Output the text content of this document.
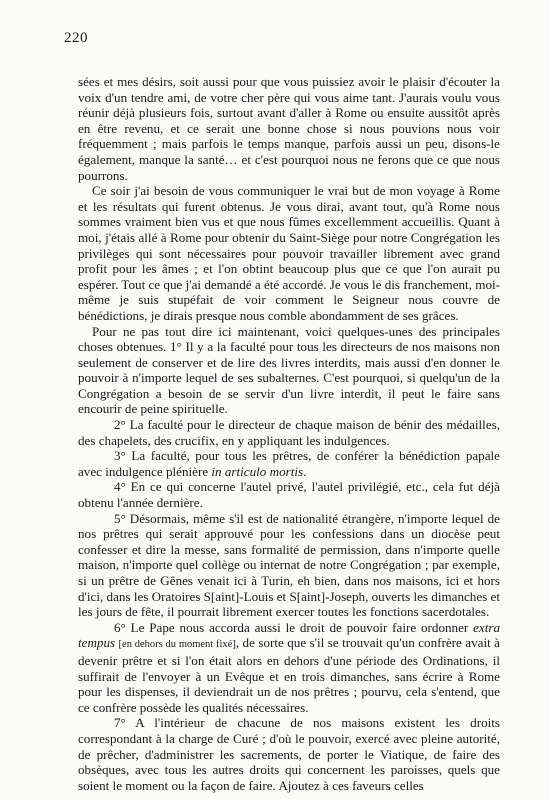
220

sées et mes désirs, soit aussi pour que vous puissiez avoir le plaisir d'écouter la voix d'un tendre ami, de votre cher père qui vous aime tant. J'aurais voulu vous réunir déjà plusieurs fois, surtout avant d'aller à Rome ou ensuite aussitôt après en être revenu, et ce serait une bonne chose si nous pouvions nous voir fréquemment ; mais parfois le temps manque, parfois aussi un peu, disons-le également, manque la santé… et c'est pourquoi nous ne ferons que ce que nous pourrons.

Ce soir j'ai besoin de vous communiquer le vrai but de mon voyage à Rome et les résultats qui furent obtenus. Je vous dirai, avant tout, qu'à Rome nous sommes vraiment bien vus et que nous fûmes excellemment accueillis. Quant à moi, j'étais allé à Rome pour obtenir du Saint-Siège pour notre Congrégation les privilèges qui sont nécessaires pour pouvoir travailler librement avec grand profit pour les âmes ; et l'on obtint beaucoup plus que ce que l'on aurait pu espérer. Tout ce que j'ai demandé a été accordé. Je vous le dis franchement, moi-même je suis stupéfait de voir comment le Seigneur nous couvre de bénédictions, je dirais presque nous comble abondamment de ses grâces.

Pour ne pas tout dire ici maintenant, voici quelques-unes des principales choses obtenues. 1° Il y a la faculté pour tous les directeurs de nos maisons non seulement de conserver et de lire des livres interdits, mais aussi d'en donner le pouvoir à n'importe lequel de ses subalternes. C'est pourquoi, si quelqu'un de la Congrégation a besoin de se servir d'un livre interdit, il peut le faire sans encourir de peine spirituelle.

2° La faculté pour le directeur de chaque maison de bénir des médailles, des chapelets, des crucifix, en y appliquant les indulgences.

3° La faculté, pour tous les prêtres, de conférer la bénédiction papale avec indulgence plénière in articulo mortis.

4° En ce qui concerne l'autel privé, l'autel privilégié, etc., cela fut déjà obtenu l'année dernière.

5° Désormais, même s'il est de nationalité étrangère, n'importe lequel de nos prêtres qui serait approuvé pour les confessions dans un diocèse peut confesser et dire la messe, sans formalité de permission, dans n'importe quelle maison, n'importe quel collège ou internat de notre Congrégation ; par exemple, si un prêtre de Gênes venait ici à Turin, eh bien, dans nos maisons, ici et hors d'ici, dans les Oratoires S[aint]-Louis et S[aint]-Joseph, ouverts les dimanches et les jours de fête, il pourrait librement exercer toutes les fonctions sacerdotales.

6° Le Pape nous accorda aussi le droit de pouvoir faire ordonner extra tempus [en dehors du moment fixé], de sorte que s'il se trouvait qu'un confrère avait à devenir prêtre et si l'on était alors en dehors d'une période des Ordinations, il suffirait de l'envoyer à un Evêque et en trois dimanches, sans écrire à Rome pour les dispenses, il deviendrait un de nos prêtres ; pourvu, cela s'entend, que ce confrère possède les qualités nécessaires.

7° A l'intérieur de chacune de nos maisons existent les droits correspondant à la charge de Curé ; d'où le pouvoir, exercé avec pleine autorité, de prêcher, d'administrer les sacrements, de porter le Viatique, de faire des obsèques, avec tous les autres droits qui concernent les paroisses, quels que soient le moment ou la façon de faire. Ajoutez à ces faveurs celles
